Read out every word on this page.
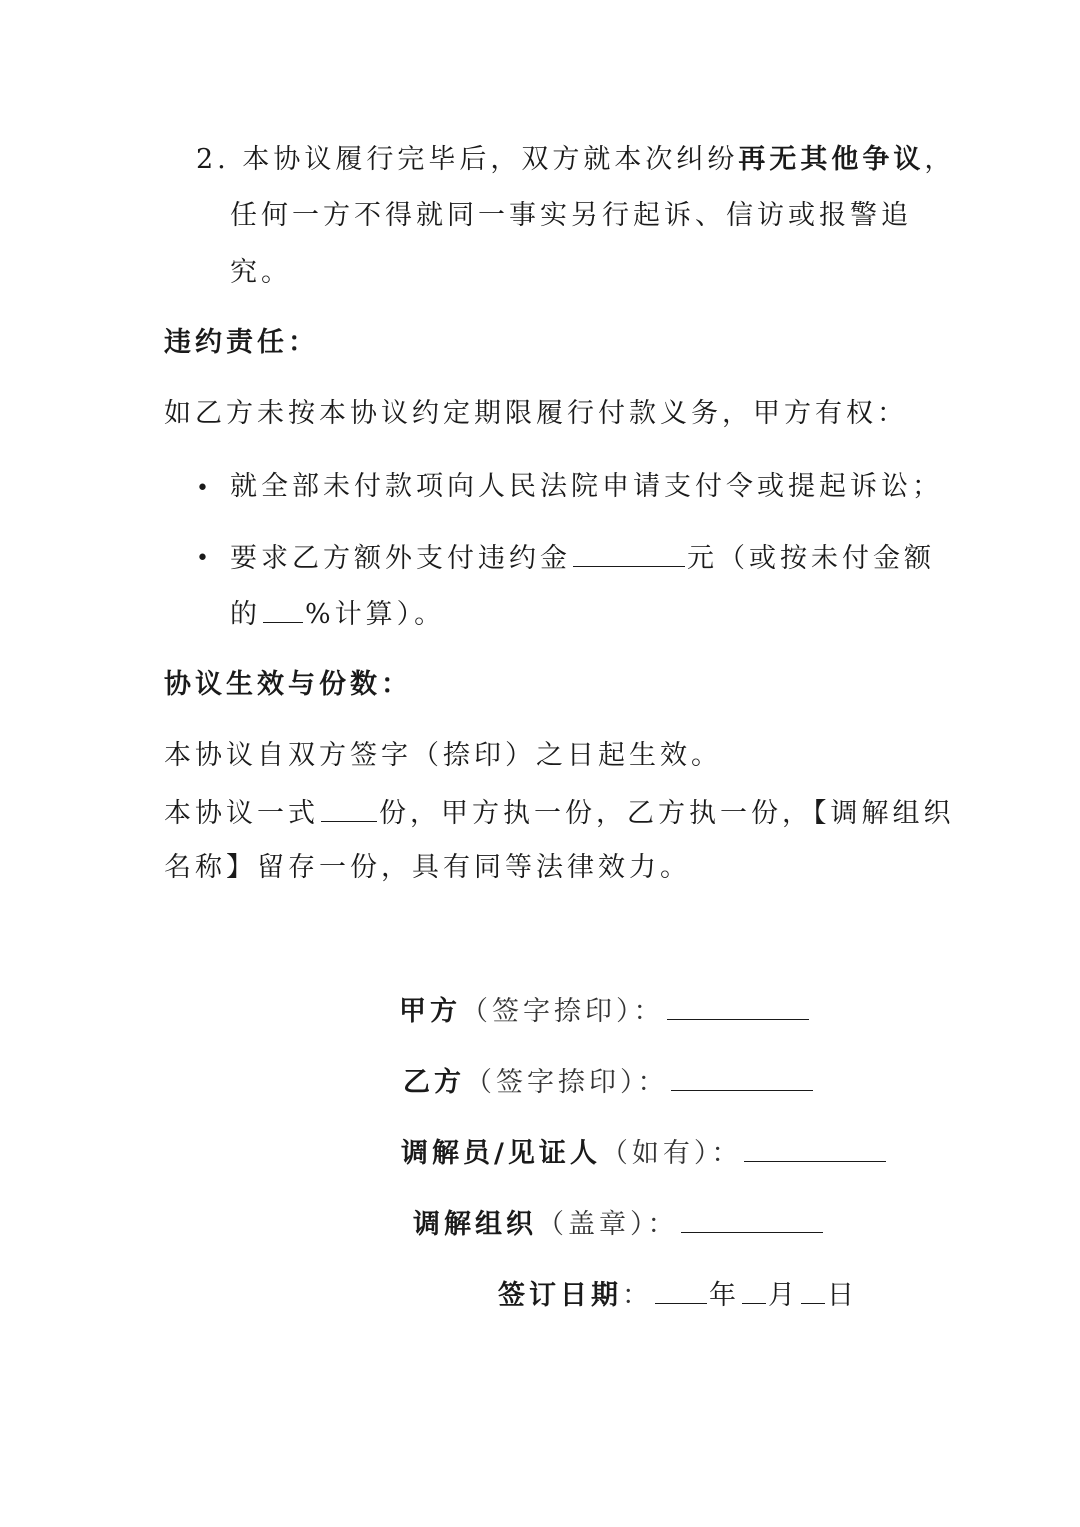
2. 本协议履行完毕后，双方就本次纠纷再无其他争议，
任何一方不得就同一事实另行起诉、信访或报警追
究。
违约责任：
如乙方未按本协议约定期限履行付款义务，甲方有权：
• 就全部未付款项向人民法院申请支付令或提起诉讼；
• 要求乙方额外支付违约金	元（或按未付金额
的 %计算）。
协议生效与份数：
本协议自双方签字（捺印）之日起生效。
本协议一式 份，甲方执一份，乙方执一份，【调解组织
名称】留存一份，具有同等法律效力。
甲方（签字捺印）：
乙方（签字捺印）：
调解员/见证人（如有）：
调解组织（盖章）：
签订日期： 年 月 日
